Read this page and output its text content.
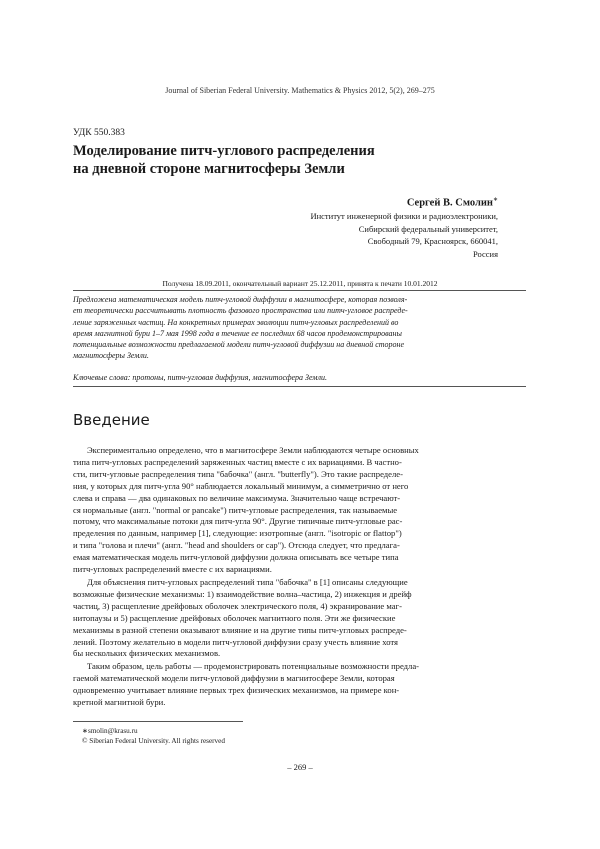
Journal of Siberian Federal University. Mathematics & Physics 2012, 5(2), 269–275
УДК 550.383
Моделирование питч-углового распределения
на дневной стороне магнитосферы Земли
Сергей В. Смолин∗
Институт инженерной физики и радиоэлектроники,
Сибирский федеральный университет,
Свободный 79, Красноярск, 660041,
Россия
Получена 18.09.2011, окончательный вариант 25.12.2011, принята к печати 10.01.2012
Предложена математическая модель питч-угловой диффузии в магнитосфере, которая позволя-
ет теоретически рассчитывать плотность фазового пространства или питч-угловое распреде-
ление заряженных частиц. На конкретных примерах эволюции питч-угловых распределений во
время магнитной бури 1–7 мая 1998 года в течение ее последних 68 часов продемонстрированы
потенциальные возможности предлагаемой модели питч-угловой диффузии на дневной стороне
магнитосферы Земли.
Ключевые слова: протоны, питч-угловая диффузия, магнитосфера Земли.
Введение
Экспериментально определено, что в магнитосфере Земли наблюдаются четыре основных
типа питч-угловых распределений заряженных частиц вместе с их вариациями. В частно-
сти, питч-угловые распределения типа "бабочка" (англ. "butterfly"). Это такие распределе-
ния, у которых для питч-угла 90° наблюдается локальный минимум, а симметрично от него
слева и справа — два одинаковых по величине максимума. Значительно чаще встречают-
ся нормальные (англ. "normal or pancake") питч-угловые распределения, так называемые
потому, что максимальные потоки для питч-угла 90°. Другие типичные питч-угловые рас-
пределения по данным, например [1], следующие: изотропные (англ. "isotropic or flattop")
и типа "голова и плечи" (англ. "head and shoulders or cap"). Отсюда следует, что предлага-
емая математическая модель питч-угловой диффузии должна описывать все четыре типа
питч-угловых распределений вместе с их вариациями.
Для объяснения питч-угловых распределений типа "бабочка" в [1] описаны следующие
возможные физические механизмы: 1) взаимодействие волна–частица, 2) инжекция и дрейф
частиц, 3) расщепление дрейфовых оболочек электрического поля, 4) экранирование маг-
нитопаузы и 5) расщепление дрейфовых оболочек магнитного поля. Эти же физические
механизмы в разной степени оказывают влияние и на другие типы питч-угловых распреде-
лений. Поэтому желательно в модели питч-угловой диффузии сразу учесть влияние хотя
бы нескольких физических механизмов.
Таким образом, цель работы — продемонстрировать потенциальные возможности предла-
гаемой математической модели питч-угловой диффузии в магнитосфере Земли, которая
одновременно учитывает влияние первых трех физических механизмов, на примере кон-
кретной магнитной бури.
∗smolin@krasu.ru
© Siberian Federal University. All rights reserved
– 269 –
